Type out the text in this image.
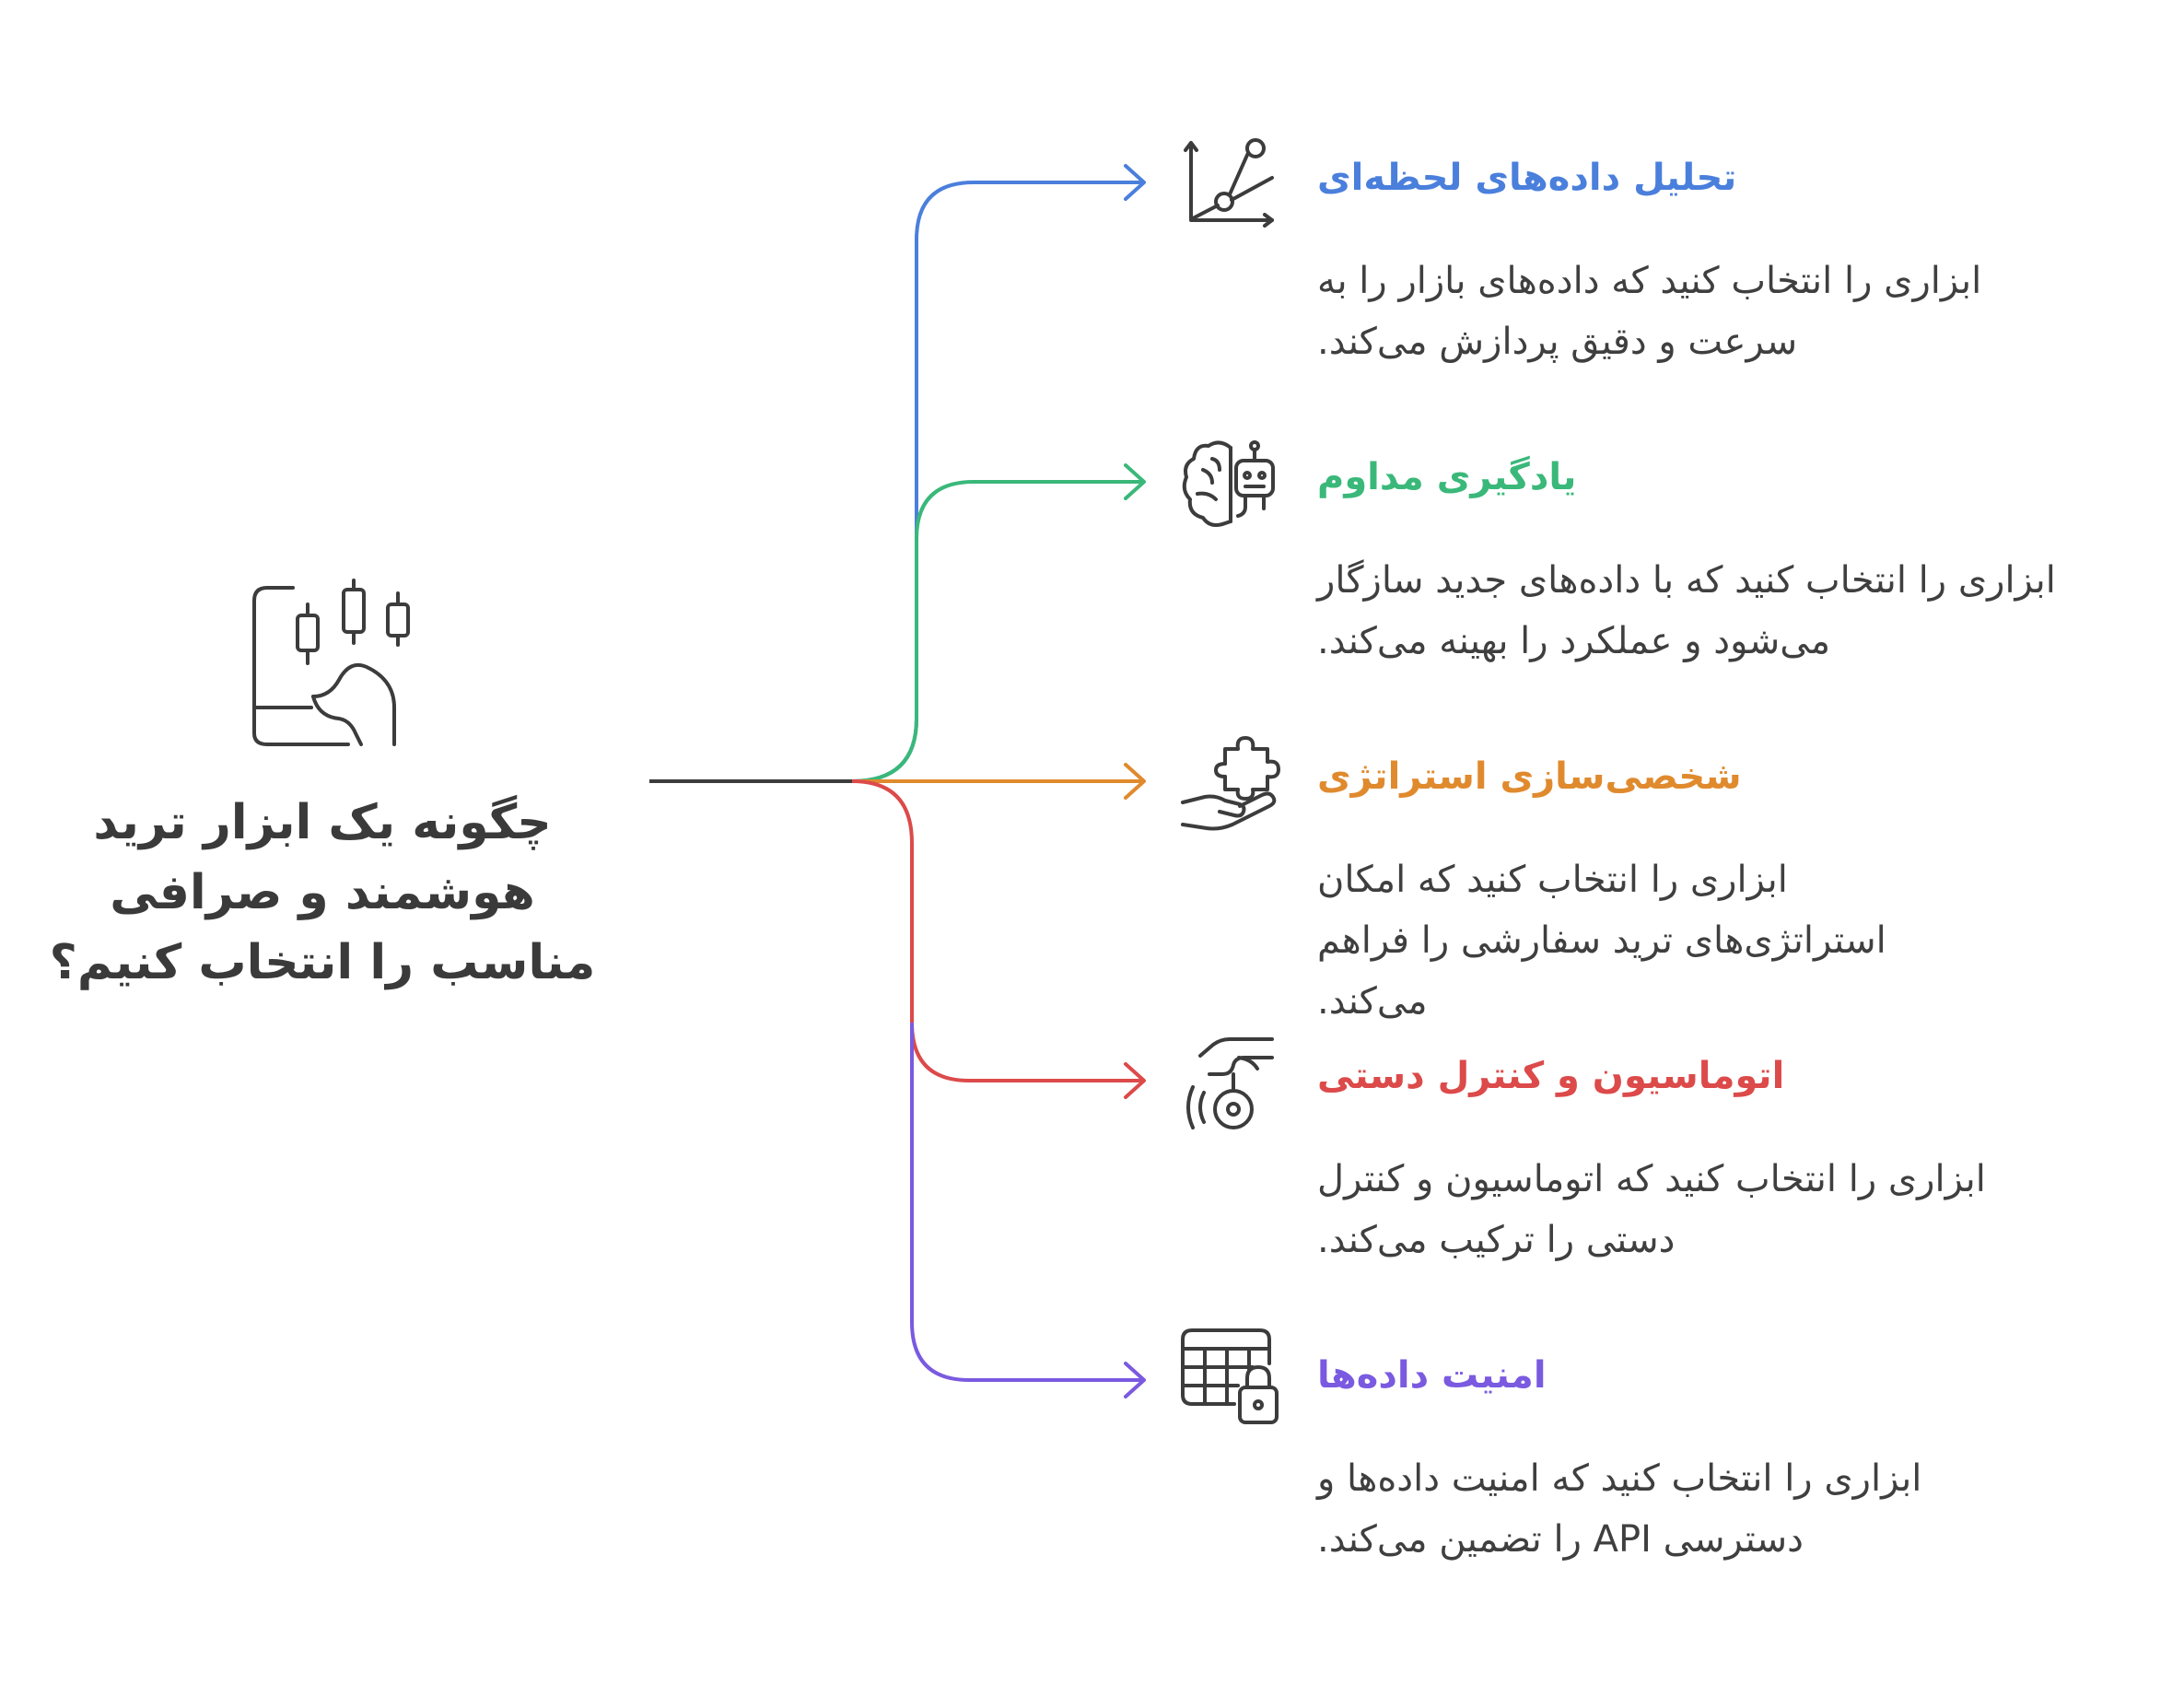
چگونه یک ابزار ترید هوشمند و صرافی مناسب را انتخاب کنیم؟
تحلیل داده‌های لحظه‌ای
ابزاری را انتخاب کنید که داده‌های بازار را به سرعت و دقیق پردازش می‌کند.
یادگیری مداوم
ابزاری را انتخاب کنید که با داده‌های جدید سازگار می‌شود و عملکرد را بهینه می‌کند.
شخصی‌سازی استراتژی
ابزاری را انتخاب کنید که امکان استراتژی‌های ترید سفارشی را فراهم می‌کند.
اتوماسیون و کنترل دستی
ابزاری را انتخاب کنید که اتوماسیون و کنترل دستی را ترکیب می‌کند.
امنیت داده‌ها
ابزاری را انتخاب کنید که امنیت داده‌ها و دسترسی API را تضمین می‌کند.
